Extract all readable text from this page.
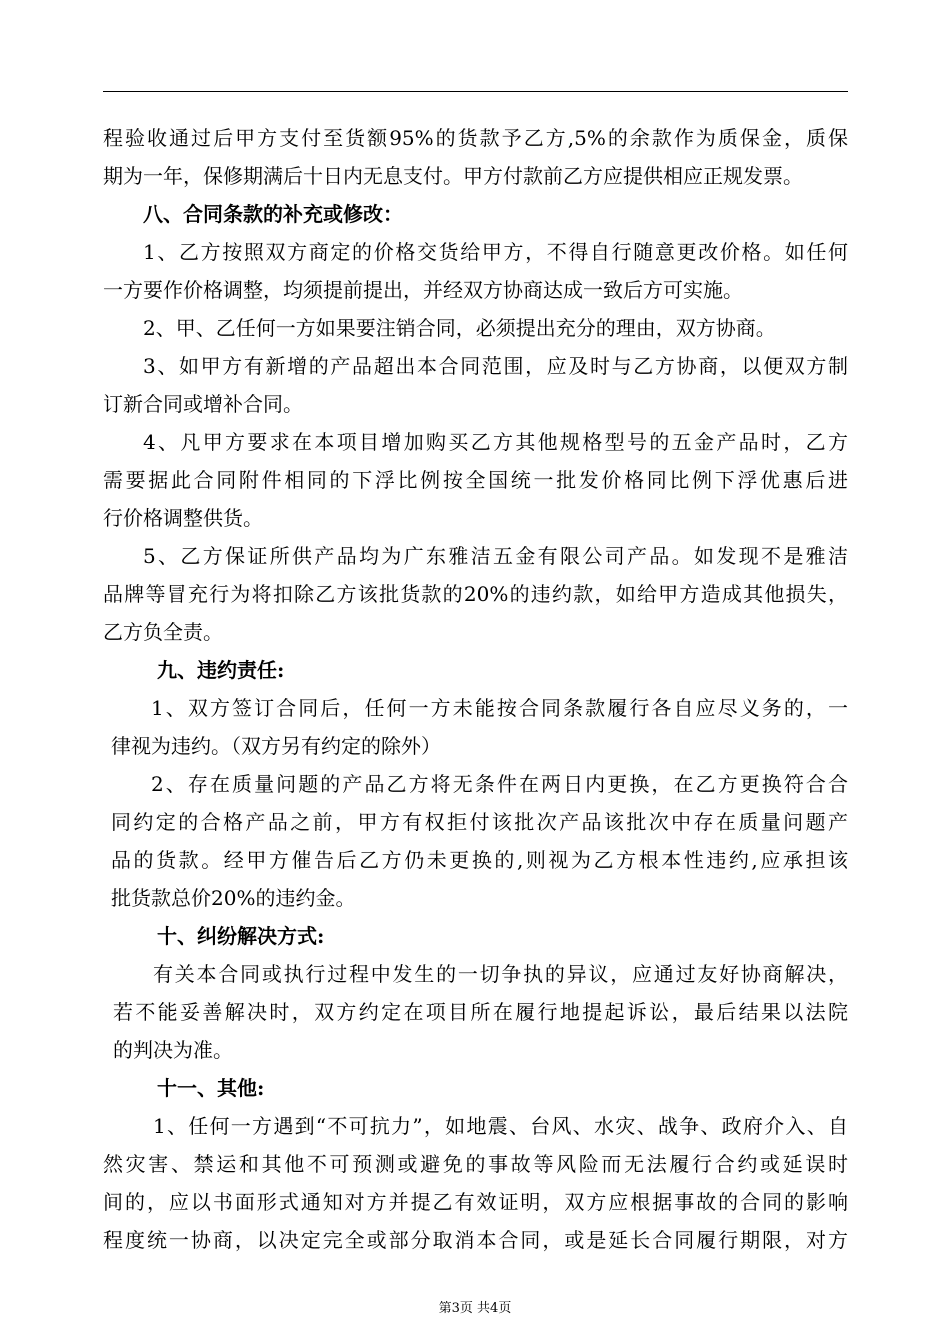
程验收通过后甲方支付至货额95%的货款予乙方,5%的余款作为质保金，质保
期为一年，保修期满后十日内无息支付。甲方付款前乙方应提供相应正规发票。
八、合同条款的补充或修改：
1、乙方按照双方商定的价格交货给甲方，不得自行随意更改价格。如任何
一方要作价格调整，均须提前提出，并经双方协商达成一致后方可实施。
2、甲、乙任何一方如果要注销合同，必须提出充分的理由，双方协商。
3、如甲方有新增的产品超出本合同范围，应及时与乙方协商，以便双方制
订新合同或增补合同。
4、凡甲方要求在本项目增加购买乙方其他规格型号的五金产品时，乙方
需要据此合同附件相同的下浮比例按全国统一批发价格同比例下浮优惠后进
行价格调整供货。
5、乙方保证所供产品均为广东雅洁五金有限公司产品。如发现不是雅洁
品牌等冒充行为将扣除乙方该批货款的20%的违约款，如给甲方造成其他损失，
乙方负全责。
九、违约责任:
1、双方签订合同后，任何一方未能按合同条款履行各自应尽义务的，一
律视为违约。（双方另有约定的除外）
2、存在质量问题的产品乙方将无条件在两日内更换，在乙方更换符合合
同约定的合格产品之前，甲方有权拒付该批次产品该批次中存在质量问题产
品的货款。经甲方催告后乙方仍未更换的,则视为乙方根本性违约,应承担该
批货款总价20%的违约金。
十、纠纷解决方式:
有关本合同或执行过程中发生的一切争执的异议，应通过友好协商解决，
若不能妥善解决时，双方约定在项目所在履行地提起诉讼，最后结果以法院
的判决为准。
十一、其他:
1、任何一方遇到“不可抗力”，如地震、台风、水灾、战争、政府介入、自
然灾害、禁运和其他不可预测或避免的事故等风险而无法履行合约或延误时
间的，应以书面形式通知对方并提乙有效证明，双方应根据事故的合同的影响
程度统一协商，以决定完全或部分取消本合同，或是延长合同履行期限，对方
第3页 共4页
